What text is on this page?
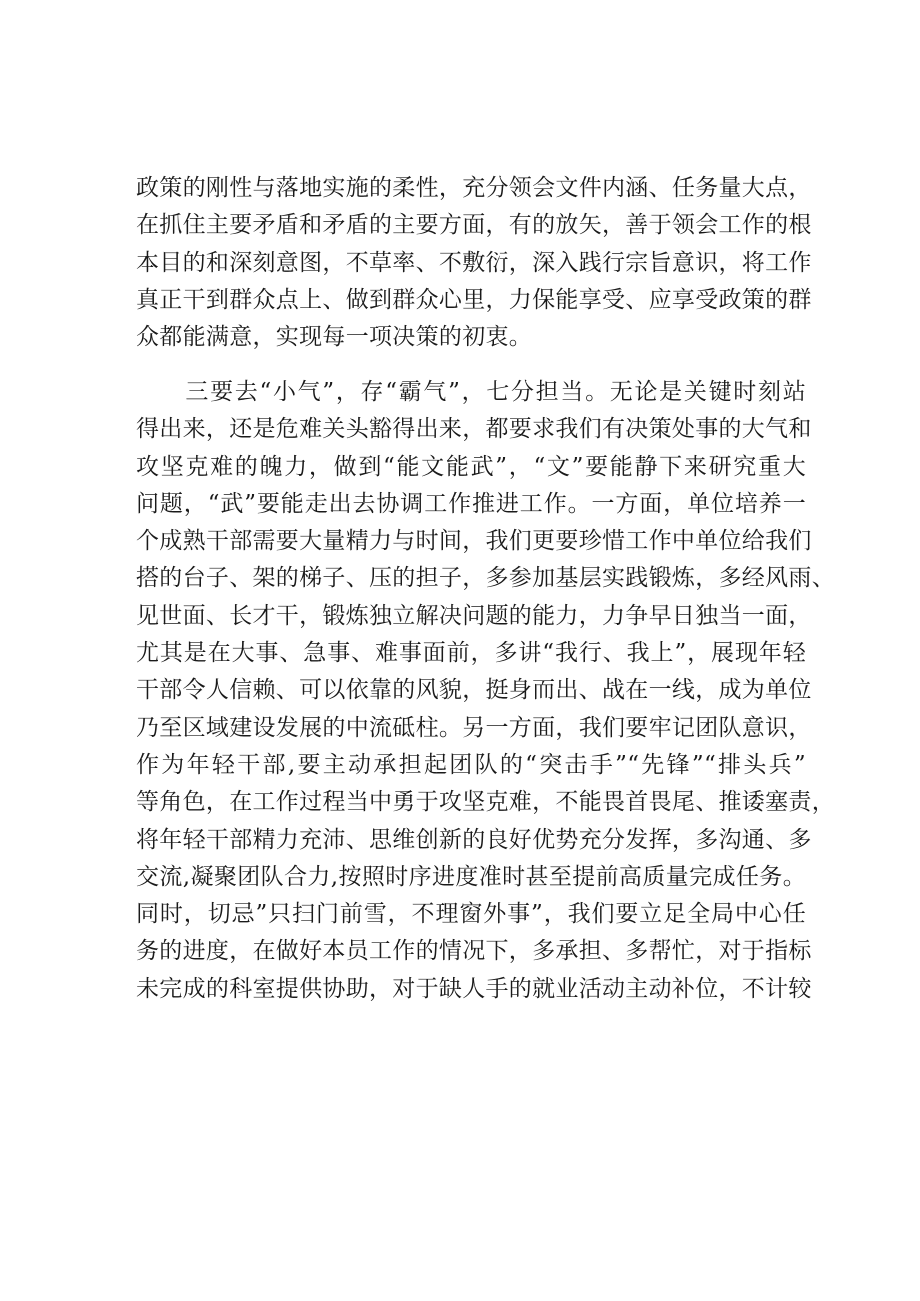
政策的刚性与落地实施的柔性，充分领会文件内涵、任务量大点，
在抓住主要矛盾和矛盾的主要方面，有的放矢，善于领会工作的根
本目的和深刻意图，不草率、不敷衍，深入践行宗旨意识，将工作
真正干到群众点上、做到群众心里，力保能享受、应享受政策的群
众都能满意，实现每一项决策的初衷。
　　三要去“小气”，存“霸气”，七分担当。无论是关键时刻站
得出来，还是危难关头豁得出来，都要求我们有决策处事的大气和
攻坚克难的魄力，做到“能文能武”，“文”要能静下来研究重大
问题，“武”要能走出去协调工作推进工作。一方面，单位培养一
个成熟干部需要大量精力与时间，我们更要珍惜工作中单位给我们
搭的台子、架的梯子、压的担子，多参加基层实践锻炼，多经风雨、
见世面、长才干，锻炼独立解决问题的能力，力争早日独当一面，
尤其是在大事、急事、难事面前，多讲“我行、我上”，展现年轻
干部令人信赖、可以依靠的风貌，挺身而出、战在一线，成为单位
乃至区域建设发展的中流砥柱。另一方面，我们要牢记团队意识，
作为年轻干部,要主动承担起团队的“突击手”“先锋”“排头兵”
等角色，在工作过程当中勇于攻坚克难，不能畏首畏尾、推诿塞责，
将年轻干部精力充沛、思维创新的良好优势充分发挥，多沟通、多
交流,凝聚团队合力,按照时序进度准时甚至提前高质量完成任务。
同时，切忌”只扫门前雪，不理窗外事”，我们要立足全局中心任
务的进度，在做好本员工作的情况下，多承担、多帮忙，对于指标
未完成的科室提供协助，对于缺人手的就业活动主动补位，不计较
